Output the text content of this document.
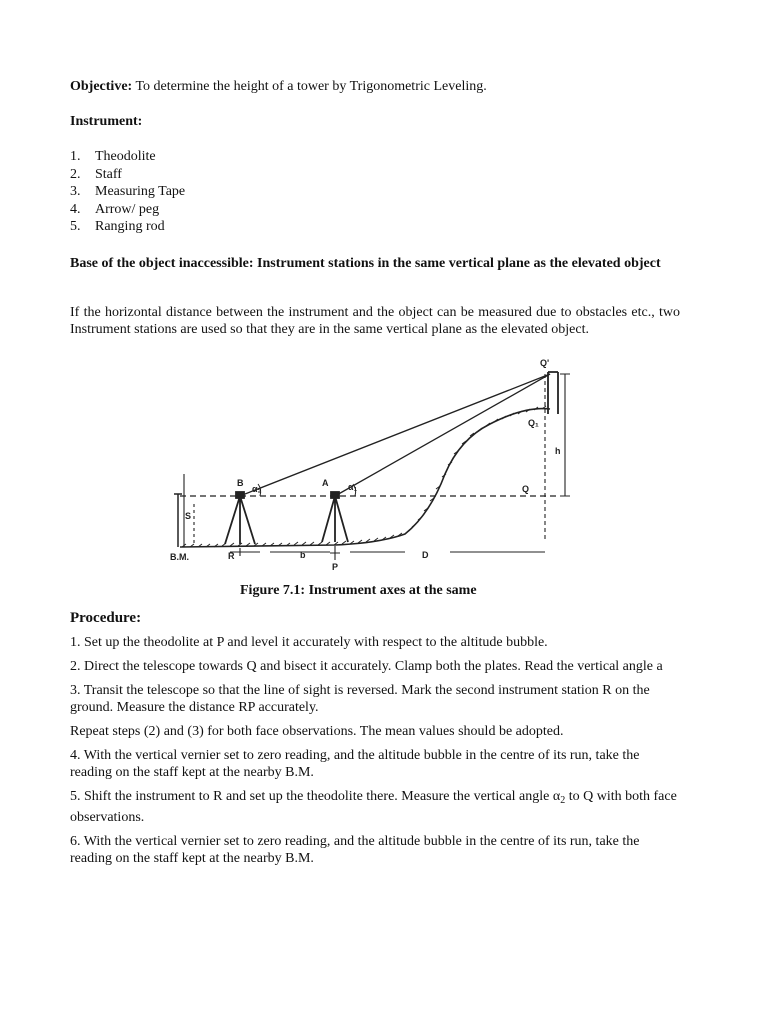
Objective: To determine the height of a tower by Trigonometric Leveling.

Instrument:

1.	Theodolite
2.	Staff
3.	Measuring Tape
4.	Arrow/ peg
5.	Ranging rod

Base of the object inaccessible: Instrument stations in the same vertical plane as the elevated object

If the horizontal distance between the instrument and the object can be measured due to obstacles etc., two Instrument stations are used so that they are in the same vertical plane as the elevated object.

Q'
Q₁
h
Q
B	A
α₂	α₁
S
B.M.	R	b	D
P
Figure 7.1: Instrument axes at the same

Procedure:

1. Set up the theodolite at P and level it accurately with respect to the altitude bubble.

2. Direct the telescope towards Q and bisect it accurately. Clamp both the plates. Read the vertical angle a

3. Transit the telescope so that the line of sight is reversed. Mark the second instrument station R on the ground. Measure the distance RP accurately.

Repeat steps (2) and (3) for both face observations. The mean values should be adopted.

4. With the vertical vernier set to zero reading, and the altitude bubble in the centre of its run, take the reading on the staff kept at the nearby B.M.

5. Shift the instrument to R and set up the theodolite there. Measure the vertical angle $\alpha_2$ to Q with both face observations.

6. With the vertical vernier set to zero reading, and the altitude bubble in the centre of its run, take the reading on the staff kept at the nearby B.M.
